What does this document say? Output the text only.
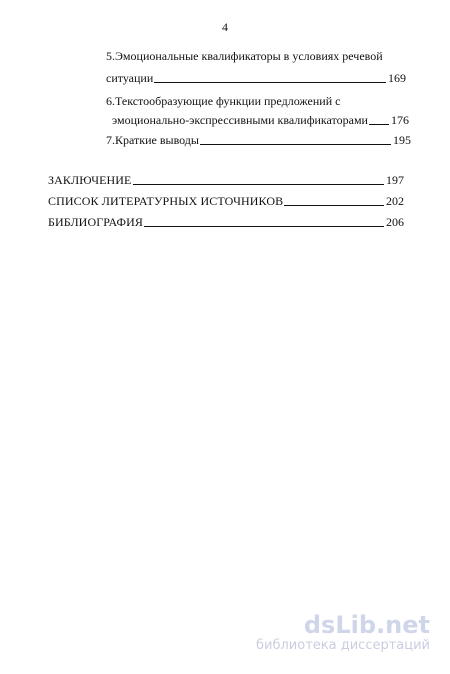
4
5.Эмоциональные квалификаторы в условиях речевой
ситуации	169
6.Текстообразующие функции предложений с
эмоционально-экспрессивными квалификаторами 176
7.Краткие выводы	195
ЗАКЛЮЧЕНИЕ	197
СПИСОК ЛИТЕРАТУРНЫХ ИСТОЧНИКОВ	202
БИБЛИОГРАФИЯ	206
dsLib.net
библиотека диссертаций
